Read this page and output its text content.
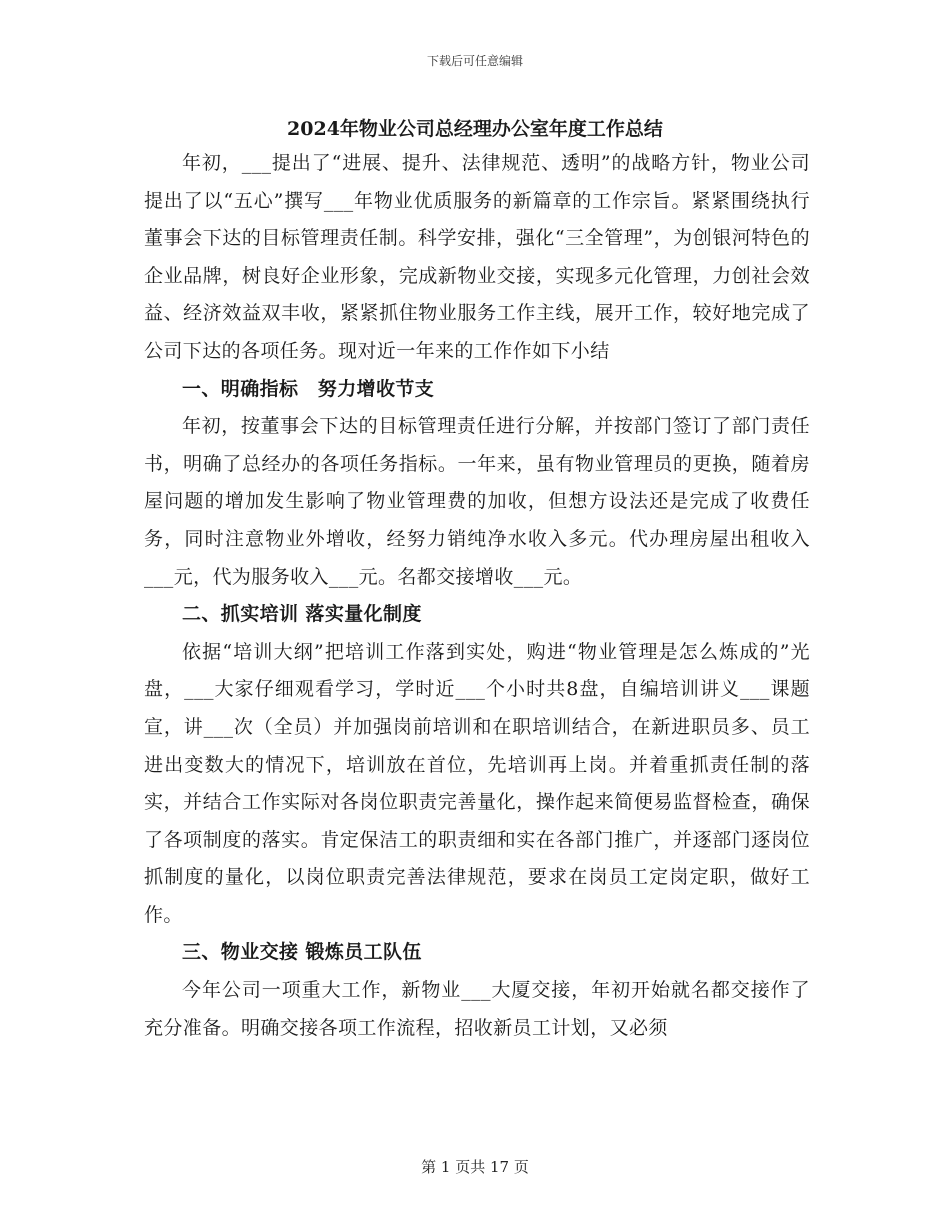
下载后可任意编辑
2024年物业公司总经理办公室年度工作总结

年初，___提出了“进展、提升、法律规范、透明”的战略方针，物业公司提出了以“五心”撰写___年物业优质服务的新篇章的工作宗旨。紧紧围绕执行董事会下达的目标管理责任制。科学安排，强化“三全管理”，为创银河特色的企业品牌，树良好企业形象，完成新物业交接，实现多元化管理，力创社会效益、经济效益双丰收，紧紧抓住物业服务工作主线，展开工作，较好地完成了公司下达的各项任务。现对近一年来的工作作如下小结

一、明确指标　努力增收节支

年初，按董事会下达的目标管理责任进行分解，并按部门签订了部门责任书，明确了总经办的各项任务指标。一年来，虽有物业管理员的更换，随着房屋问题的增加发生影响了物业管理费的加收，但想方设法还是完成了收费任务，同时注意物业外增收，经努力销纯净水收入多元。代办理房屋出租收入___元，代为服务收入___元。名都交接增收___元。

二、抓实培训 落实量化制度

依据“培训大纲”把培训工作落到实处，购进“物业管理是怎么炼成的”光盘，___大家仔细观看学习，学时近___个小时共8盘，自编培训讲义___课题宣，讲___次（全员）并加强岗前培训和在职培训结合，在新进职员多、员工进出变数大的情况下，培训放在首位，先培训再上岗。并着重抓责任制的落实，并结合工作实际对各岗位职责完善量化，操作起来简便易监督检查，确保了各项制度的落实。肯定保洁工的职责细和实在各部门推广，并逐部门逐岗位抓制度的量化，以岗位职责完善法律规范，要求在岗员工定岗定职，做好工作。

三、物业交接 锻炼员工队伍

今年公司一项重大工作，新物业___大厦交接，年初开始就名都交接作了充分准备。明确交接各项工作流程，招收新员工计划，又必须

第 1 页共 17 页
